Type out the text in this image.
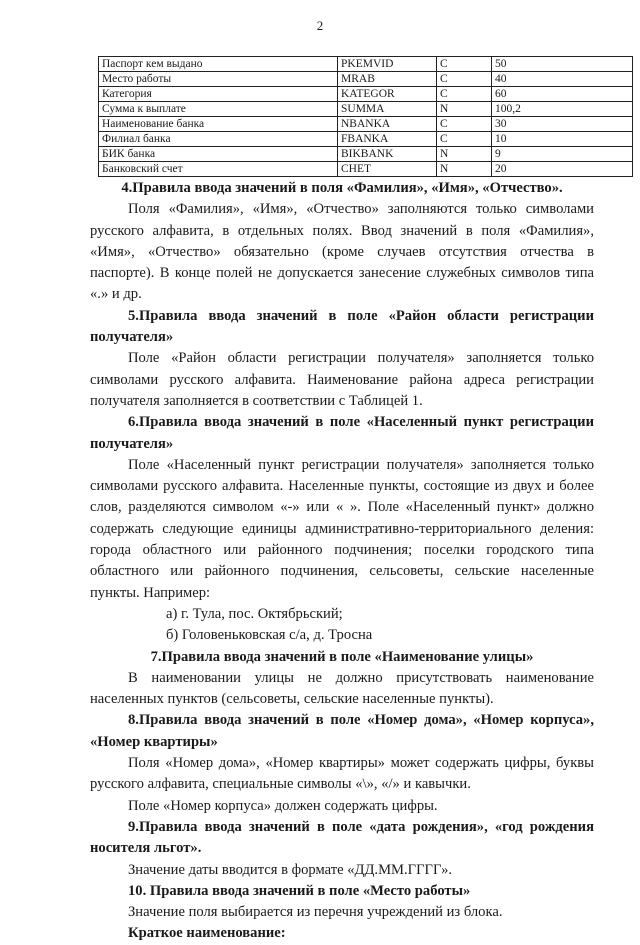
2
Паспорт кем выдано	PKEMVID	C	50
Место работы	MRAB	C	40
Категория	KATEGOR	C	60
Сумма к выплате	SUMMA	N	100,2
Наименование банка	NBANKA	C	30
Филиал банка	FBANKA	C	10
БИК банка	BIKBANK	N	9
Банковский счет	CHET	N	20

4.Правила ввода значений в поля «Фамилия», «Имя», «Отчество».

Поля «Фамилия», «Имя», «Отчество» заполняются только символами русского алфавита, в отдельных полях. Ввод значений в поля «Фамилия», «Имя», «Отчество» обязательно (кроме случаев отсутствия отчества в паспорте). В конце полей не допускается занесение служебных символов типа «.» и др.

5.Правила ввода значений в поле «Район области регистрации получателя»

Поле «Район области регистрации получателя» заполняется только символами русского алфавита. Наименование района адреса регистрации получателя заполняется в соответствии с Таблицей 1.

6.Правила ввода значений в поле «Населенный пункт регистрации получателя»

Поле «Населенный пункт регистрации получателя» заполняется только символами русского алфавита. Населенные пункты, состоящие из двух и более слов, разделяются символом «-» или « ». Поле «Населенный пункт» должно содержать следующие единицы административно-территориального деления: города областного или районного подчинения; поселки городского типа областного или районного подчинения, сельсоветы, сельские населенные пункты. Например:

а) г. Тула, пос. Октябрьский;

б) Головеньковская с/а, д. Тросна

7.Правила ввода значений в поле «Наименование улицы»

В наименовании улицы не должно присутствовать наименование населенных пунктов (сельсоветы, сельские населенные пункты).

8.Правила ввода значений в поле «Номер дома», «Номер корпуса», «Номер квартиры»

Поля «Номер дома», «Номер квартиры» может содержать цифры, буквы русского алфавита, специальные символы «\», «/» и кавычки.

Поле «Номер корпуса» должен содержать цифры.

9.Правила ввода значений в поле «дата рождения», «год рождения носителя льгот».

Значение даты вводится в формате «ДД.ММ.ГГГГ».

10. Правила ввода значений в поле «Место работы»

Значение поля выбирается из перечня учреждений из блока.

Краткое наименование:
